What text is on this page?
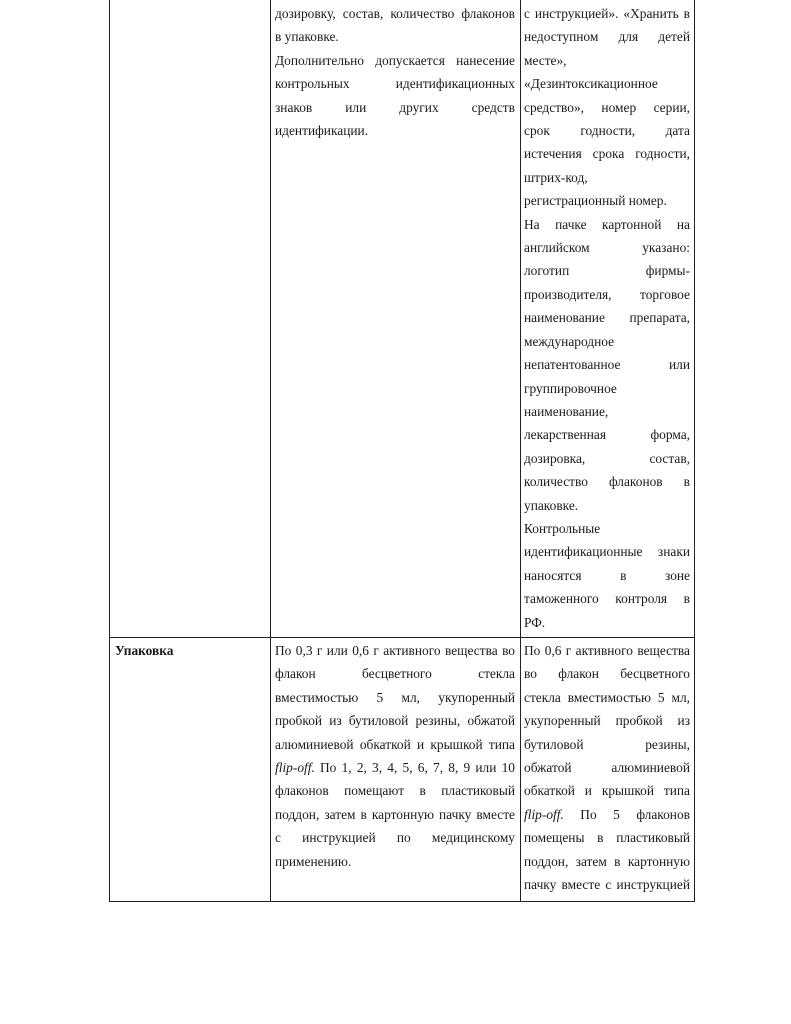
дозировку, состав, количество флаконов

в упаковке.

Дополнительно допускается нанесение

контрольных идентификационных

знаков или других средств

идентификации.

с инструкцией». «Хранить в

недоступном для детей

месте»,

«Дезинтоксикационное

средство», номер серии,

срок годности, дата

истечения срока годности,

штрих-код,

регистрационный номер.

На пачке картонной на

английском указано:

логотип фирмы-

производителя, торговое

наименование препарата,

международное

непатентованное или

группировочное

наименование,

лекарственная форма,

дозировка, состав,

количество флаконов в

упаковке.

Контрольные

идентификационные знаки

наносятся в зоне

таможенного контроля в

РФ.

Упаковка	По 0,3 г или 0,6 г активного вещества во

флакон бесцветного стекла

вместимостью 5 мл, укупоренный

пробкой из бутиловой резины, обжатой

алюминиевой обкаткой и крышкой типа

flip-off. По 1, 2, 3, 4, 5, 6, 7, 8, 9 или 10

флаконов помещают в пластиковый

поддон, затем в картонную пачку вместе

с инструкцией по медицинскому

применению.

По 0,6 г активного вещества

во флакон бесцветного

стекла вместимостью 5 мл,

укупоренный пробкой из

бутиловой резины,

обжатой алюминиевой

обкаткой и крышкой типа

flip-off. По 5 флаконов

помещены в пластиковый

поддон, затем в картонную

пачку вместе с инструкцией
